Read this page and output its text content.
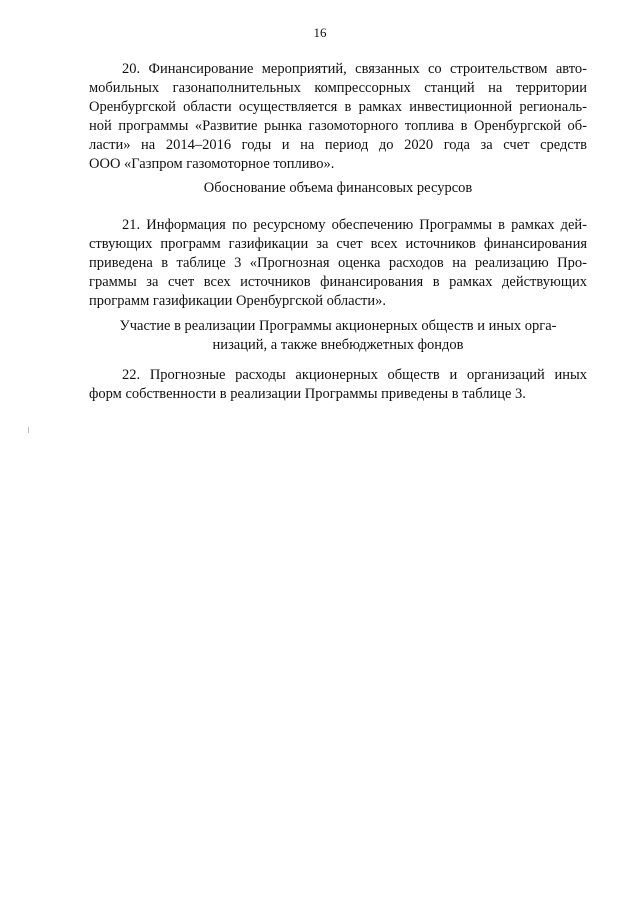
16
20. Финансирование мероприятий, связанных со строительством авто-
мобильных газонаполнительных компрессорных станций на территории
Оренбургской области осуществляется в рамках инвестиционной региональ-
ной программы «Развитие рынка газомоторного топлива в Оренбургской об-
ласти» на 2014–2016 годы и на период до 2020 года за счет средств
ООО «Газпром газомоторное топливо».
Обоснование объема финансовых ресурсов
21. Информация по ресурсному обеспечению Программы в рамках дей-
ствующих программ газификации за счет всех источников финансирования
приведена в таблице 3 «Прогнозная оценка расходов на реализацию Про-
граммы за счет всех источников финансирования в рамках действующих
программ газификации Оренбургской области».
Участие в реализации Программы акционерных обществ и иных орга-
низаций, а также внебюджетных фондов
22. Прогнозные расходы акционерных обществ и организаций иных
форм собственности в реализации Программы приведены в таблице 3.
